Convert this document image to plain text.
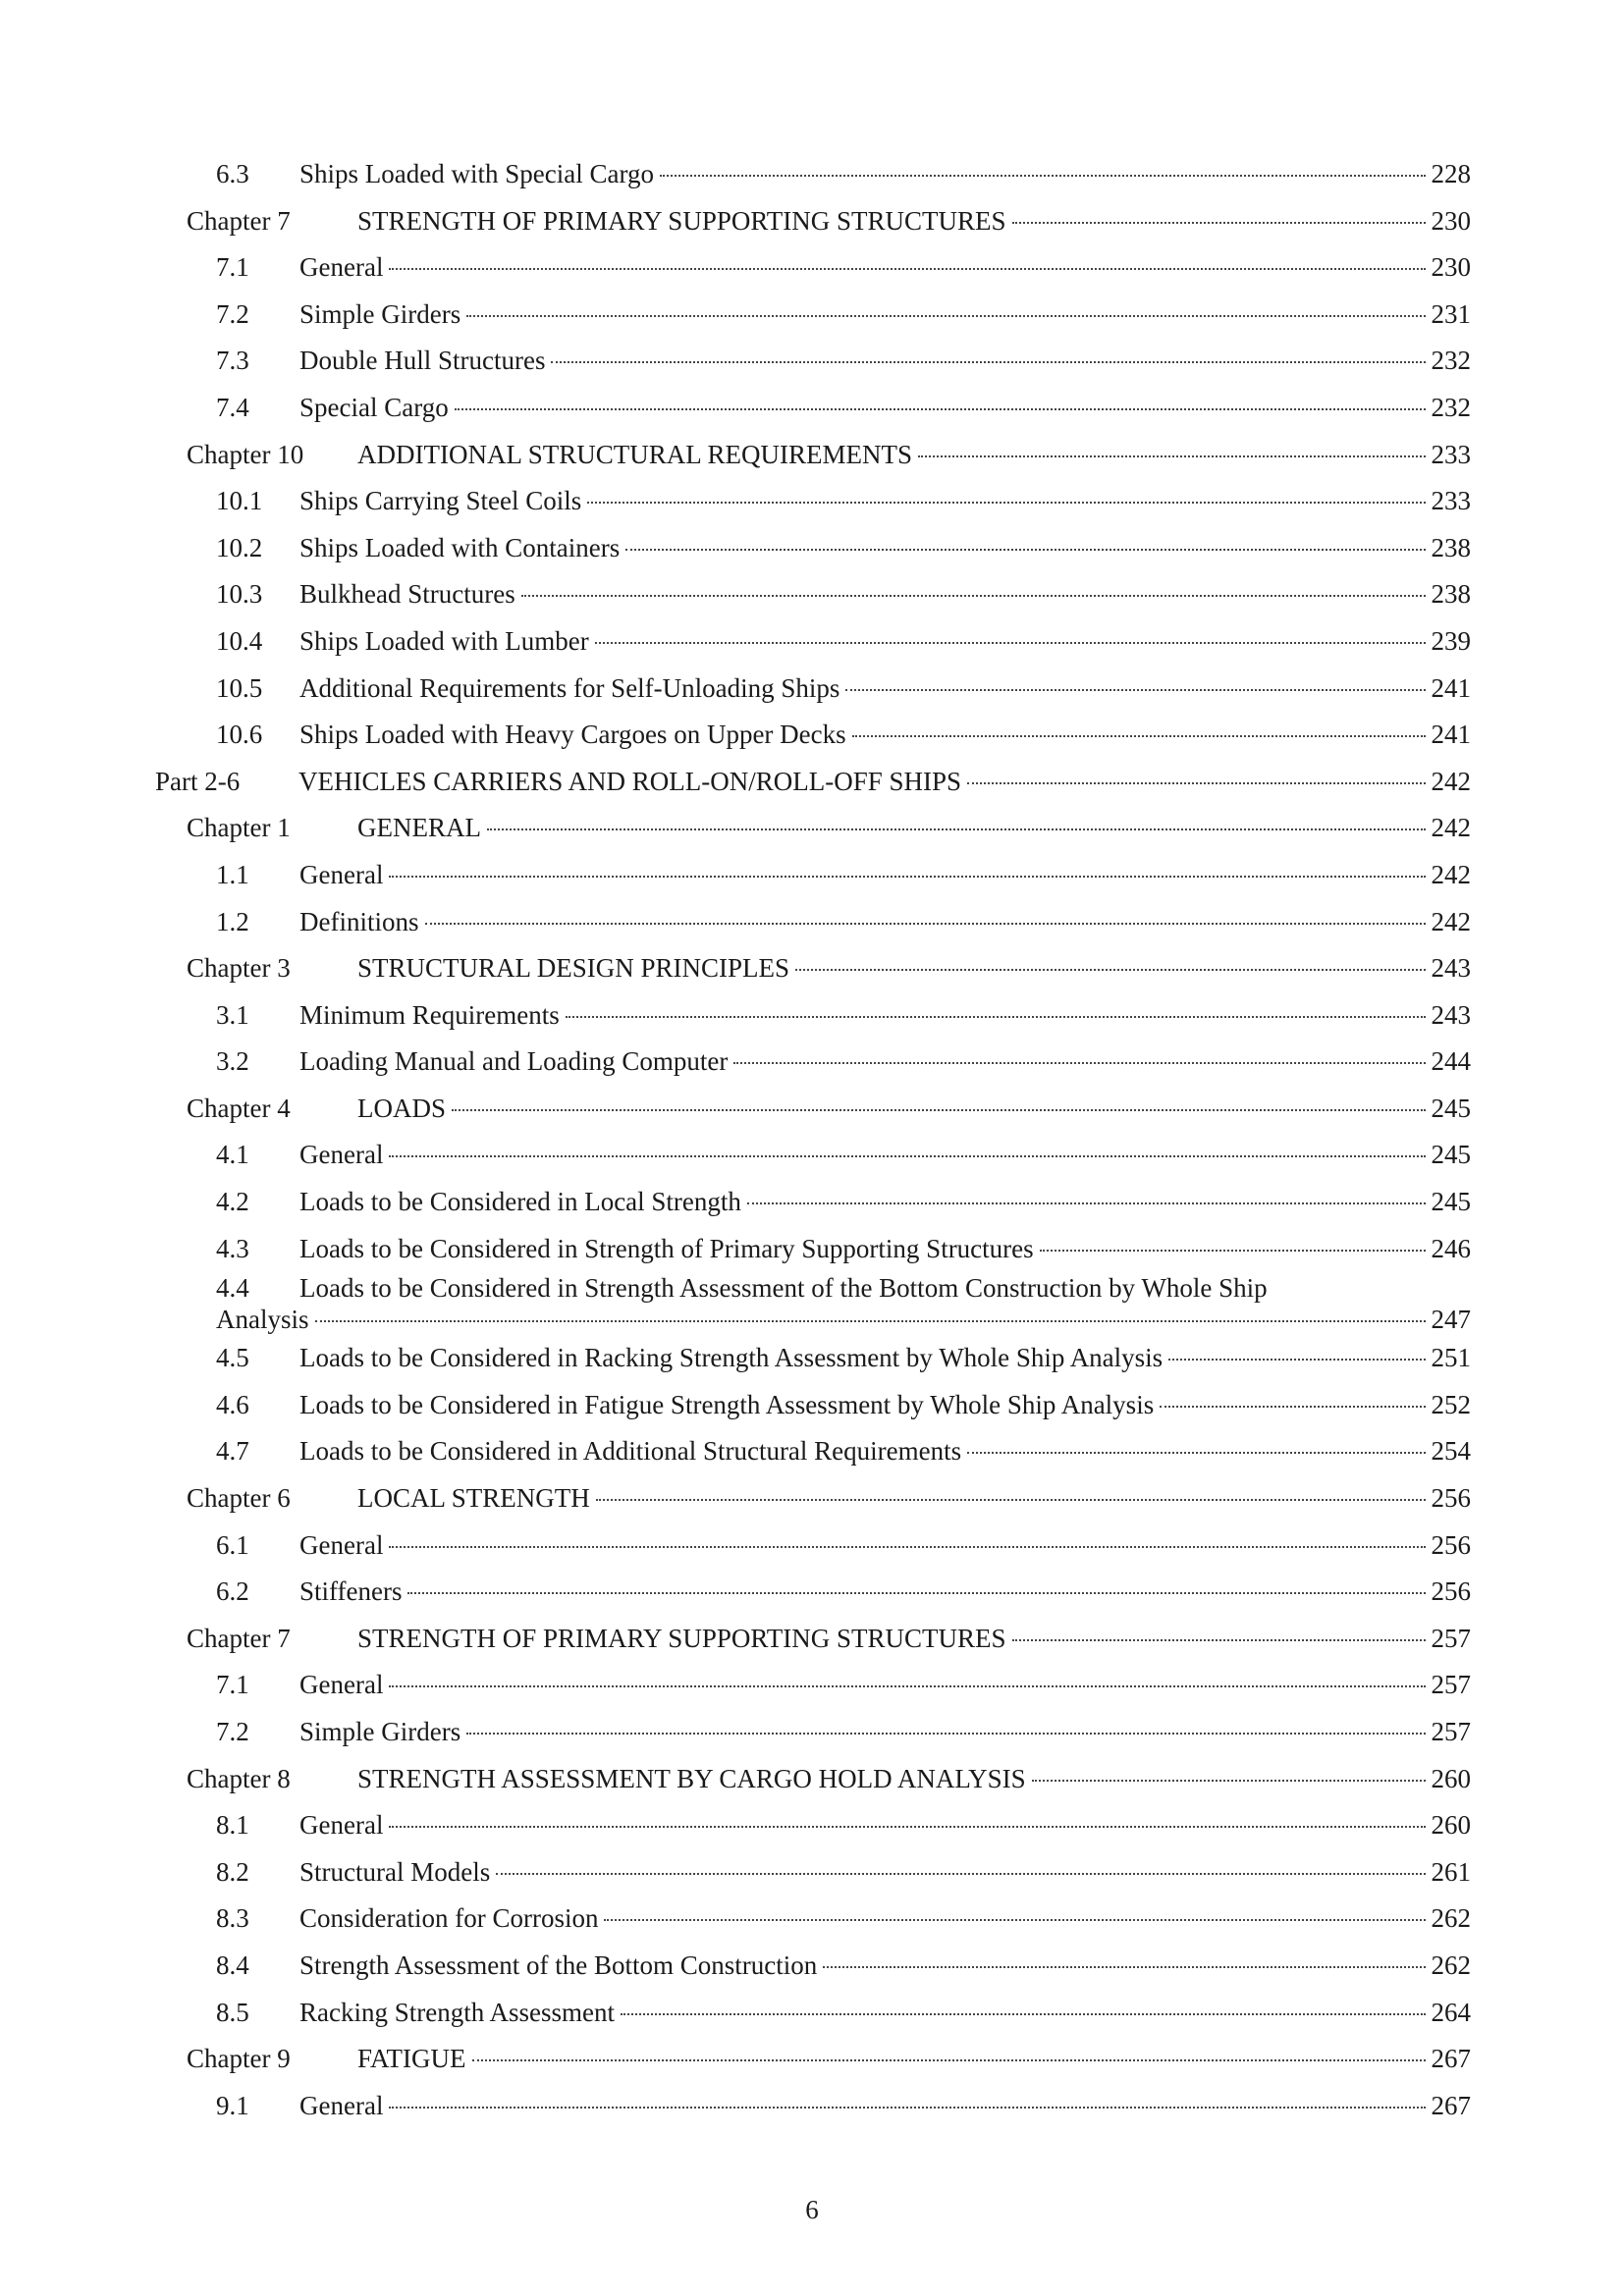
6.3	Ships Loaded with Special Cargo	228
Chapter 7	STRENGTH OF PRIMARY SUPPORTING STRUCTURES	230
7.1	General	230
7.2	Simple Girders	231
7.3	Double Hull Structures	232
7.4	Special Cargo	232
Chapter 10	ADDITIONAL STRUCTURAL REQUIREMENTS	233
10.1	Ships Carrying Steel Coils	233
10.2	Ships Loaded with Containers	238
10.3	Bulkhead Structures	238
10.4	Ships Loaded with Lumber	239
10.5	Additional Requirements for Self-Unloading Ships	241
10.6	Ships Loaded with Heavy Cargoes on Upper Decks	241
Part 2-6	VEHICLES CARRIERS AND ROLL-ON/ROLL-OFF SHIPS	242
Chapter 1	GENERAL	242
1.1	General	242
1.2	Definitions	242
Chapter 3	STRUCTURAL DESIGN PRINCIPLES	243
3.1	Minimum Requirements	243
3.2	Loading Manual and Loading Computer	244
Chapter 4	LOADS	245
4.1	General	245
4.2	Loads to be Considered in Local Strength	245
4.3	Loads to be Considered in Strength of Primary Supporting Structures	246
4.4 Loads to be Considered in Strength Assessment of the Bottom Construction by Whole Ship
Analysis	247
4.5	Loads to be Considered in Racking Strength Assessment by Whole Ship Analysis	251
4.6	Loads to be Considered in Fatigue Strength Assessment by Whole Ship Analysis	252
4.7	Loads to be Considered in Additional Structural Requirements	254
Chapter 6	LOCAL STRENGTH	256
6.1	General	256
6.2	Stiffeners	256
Chapter 7	STRENGTH OF PRIMARY SUPPORTING STRUCTURES	257
7.1	General	257
7.2	Simple Girders	257
Chapter 8	STRENGTH ASSESSMENT BY CARGO HOLD ANALYSIS	260
8.1	General	260
8.2	Structural Models	261
8.3	Consideration for Corrosion	262
8.4	Strength Assessment of the Bottom Construction	262
8.5	Racking Strength Assessment	264
Chapter 9	FATIGUE	267
9.1	General	267
6
